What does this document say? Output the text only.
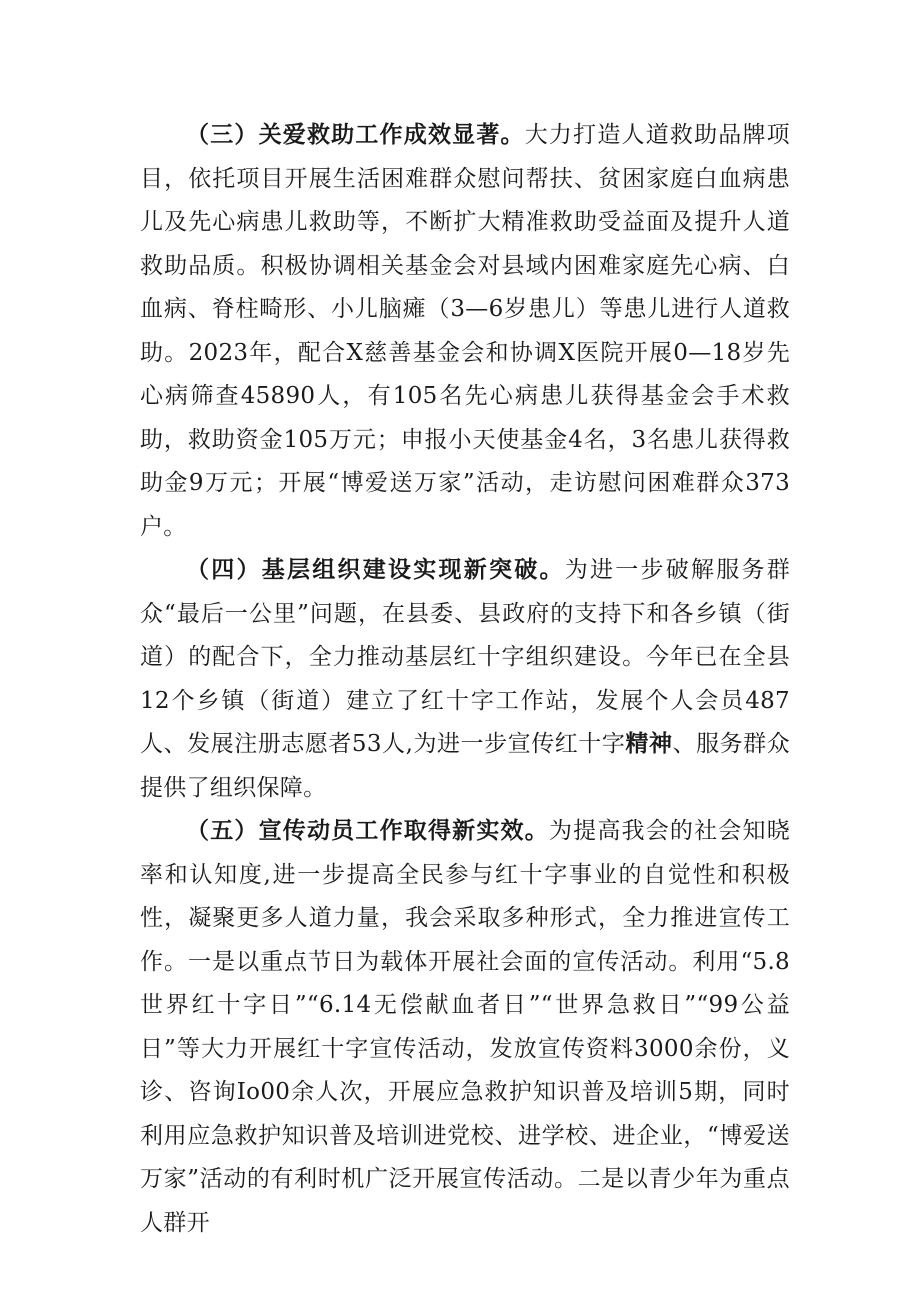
（三）关爱救助工作成效显著。大力打造人道救助品牌项目，依托项目开展生活困难群众慰问帮扶、贫困家庭白血病患儿及先心病患儿救助等，不断扩大精准救助受益面及提升人道救助品质。积极协调相关基金会对县域内困难家庭先心病、白血病、脊柱畸形、小儿脑瘫（3—6岁患儿）等患儿进行人道救助。2023年，配合X慈善基金会和协调X医院开展0—18岁先心病筛查45890人，有105名先心病患儿获得基金会手术救助，救助资金105万元；申报小天使基金4名，3名患儿获得救助金9万元；开展“博爱送万家”活动，走访慰问困难群众373户。

（四）基层组织建设实现新突破。为进一步破解服务群众“最后一公里”问题，在县委、县政府的支持下和各乡镇（街道）的配合下，全力推动基层红十字组织建设。今年已在全县12个乡镇（街道）建立了红十字工作站，发展个人会员487人、发展注册志愿者53人,为进一步宣传红十字精神、服务群众提供了组织保障。

（五）宣传动员工作取得新实效。为提高我会的社会知晓率和认知度,进一步提高全民参与红十字事业的自觉性和积极性，凝聚更多人道力量，我会采取多种形式，全力推进宣传工作。一是以重点节日为载体开展社会面的宣传活动。利用“5.8世界红十字日”“6.14无偿献血者日”“世界急救日”“99公益日”等大力开展红十字宣传活动，发放宣传资料3000余份，义诊、咨询Io00余人次，开展应急救护知识普及培训5期，同时利用应急救护知识普及培训进党校、进学校、进企业，“博爱送万家”活动的有利时机广泛开展宣传活动。二是以青少年为重点人群开
